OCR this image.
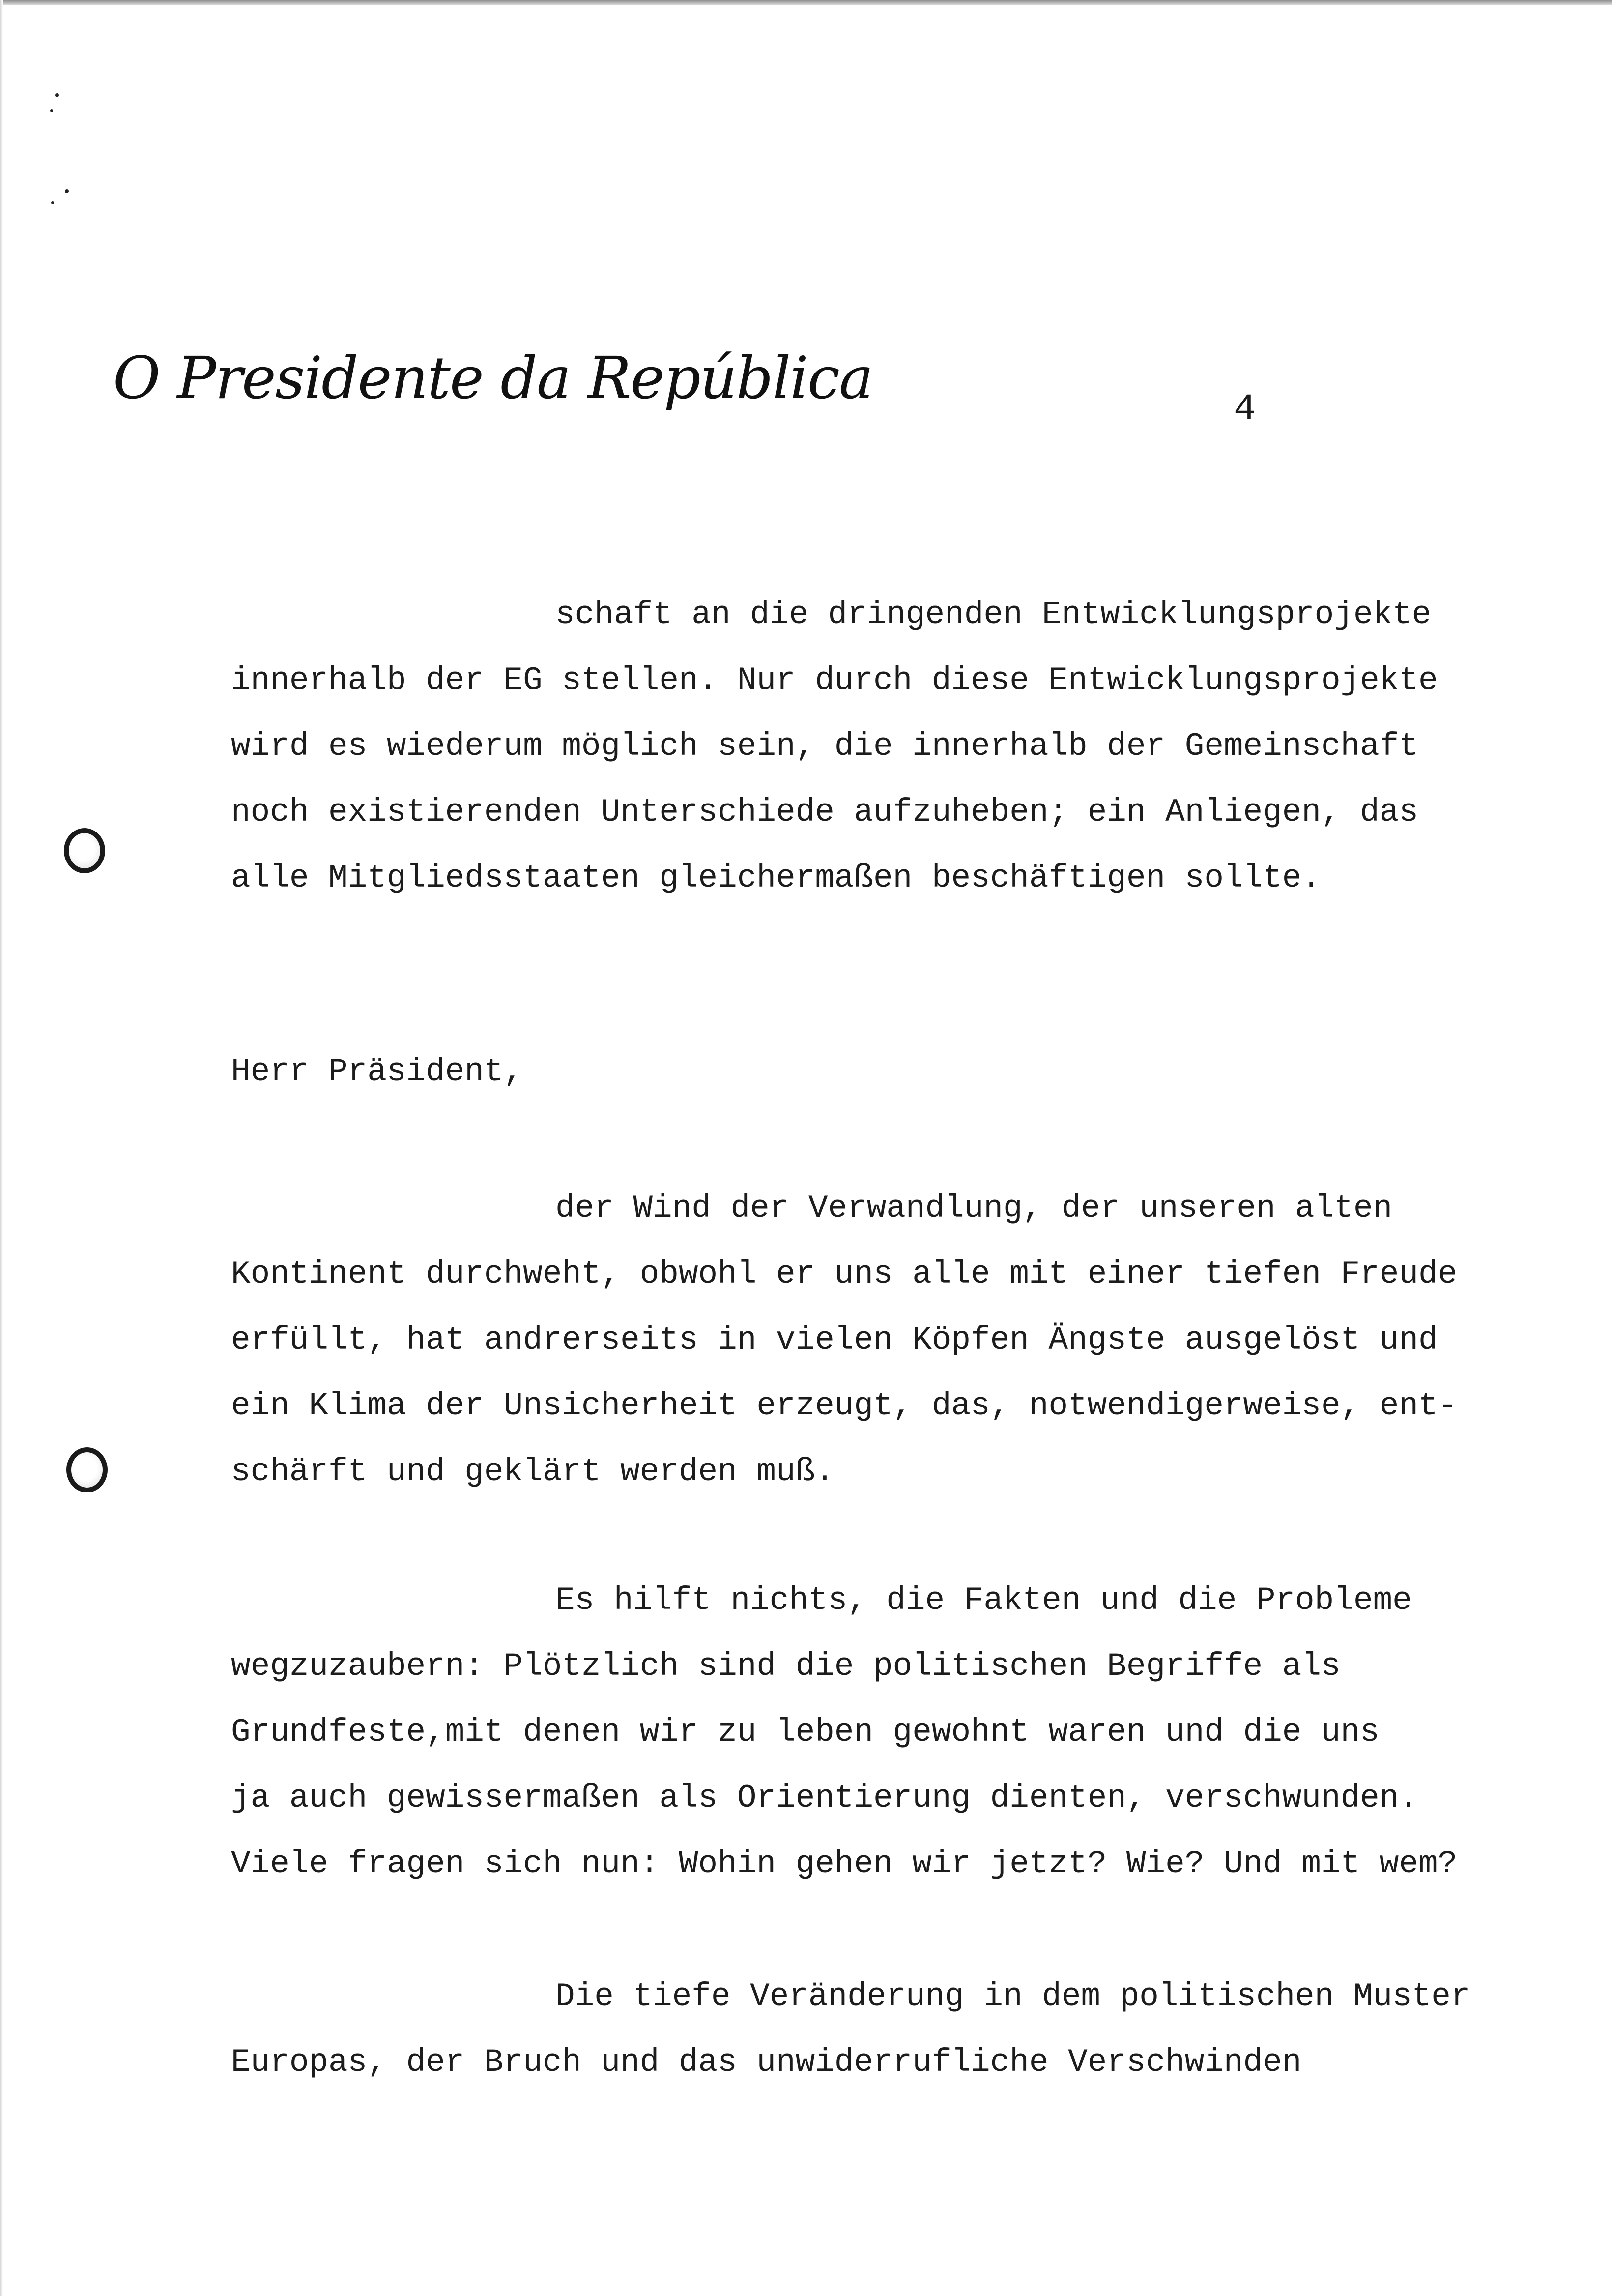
O Presidente da República	4
schaft an die dringenden Entwicklungsprojekte
innerhalb der EG stellen. Nur durch diese Entwicklungsprojekte
wird es wiederum möglich sein, die innerhalb der Gemeinschaft
noch existierenden Unterschiede aufzuheben; ein Anliegen, das
alle Mitgliedsstaaten gleichermaßen beschäftigen sollte.
Herr Präsident,
der Wind der Verwandlung, der unseren alten
Kontinent durchweht, obwohl er uns alle mit einer tiefen Freude
erfüllt, hat andrerseits in vielen Köpfen Ängste ausgelöst und
ein Klima der Unsicherheit erzeugt, das, notwendigerweise, ent-
schärft und geklärt werden muß.
Es hilft nichts, die Fakten und die Probleme
wegzuzaubern: Plötzlich sind die politischen Begriffe als
Grundfeste,mit denen wir zu leben gewohnt waren und die uns
ja auch gewissermaßen als Orientierung dienten, verschwunden.
Viele fragen sich nun: Wohin gehen wir jetzt? Wie? Und mit wem?
Die tiefe Veränderung in dem politischen Muster
Europas, der Bruch und das unwiderrufliche Verschwinden
